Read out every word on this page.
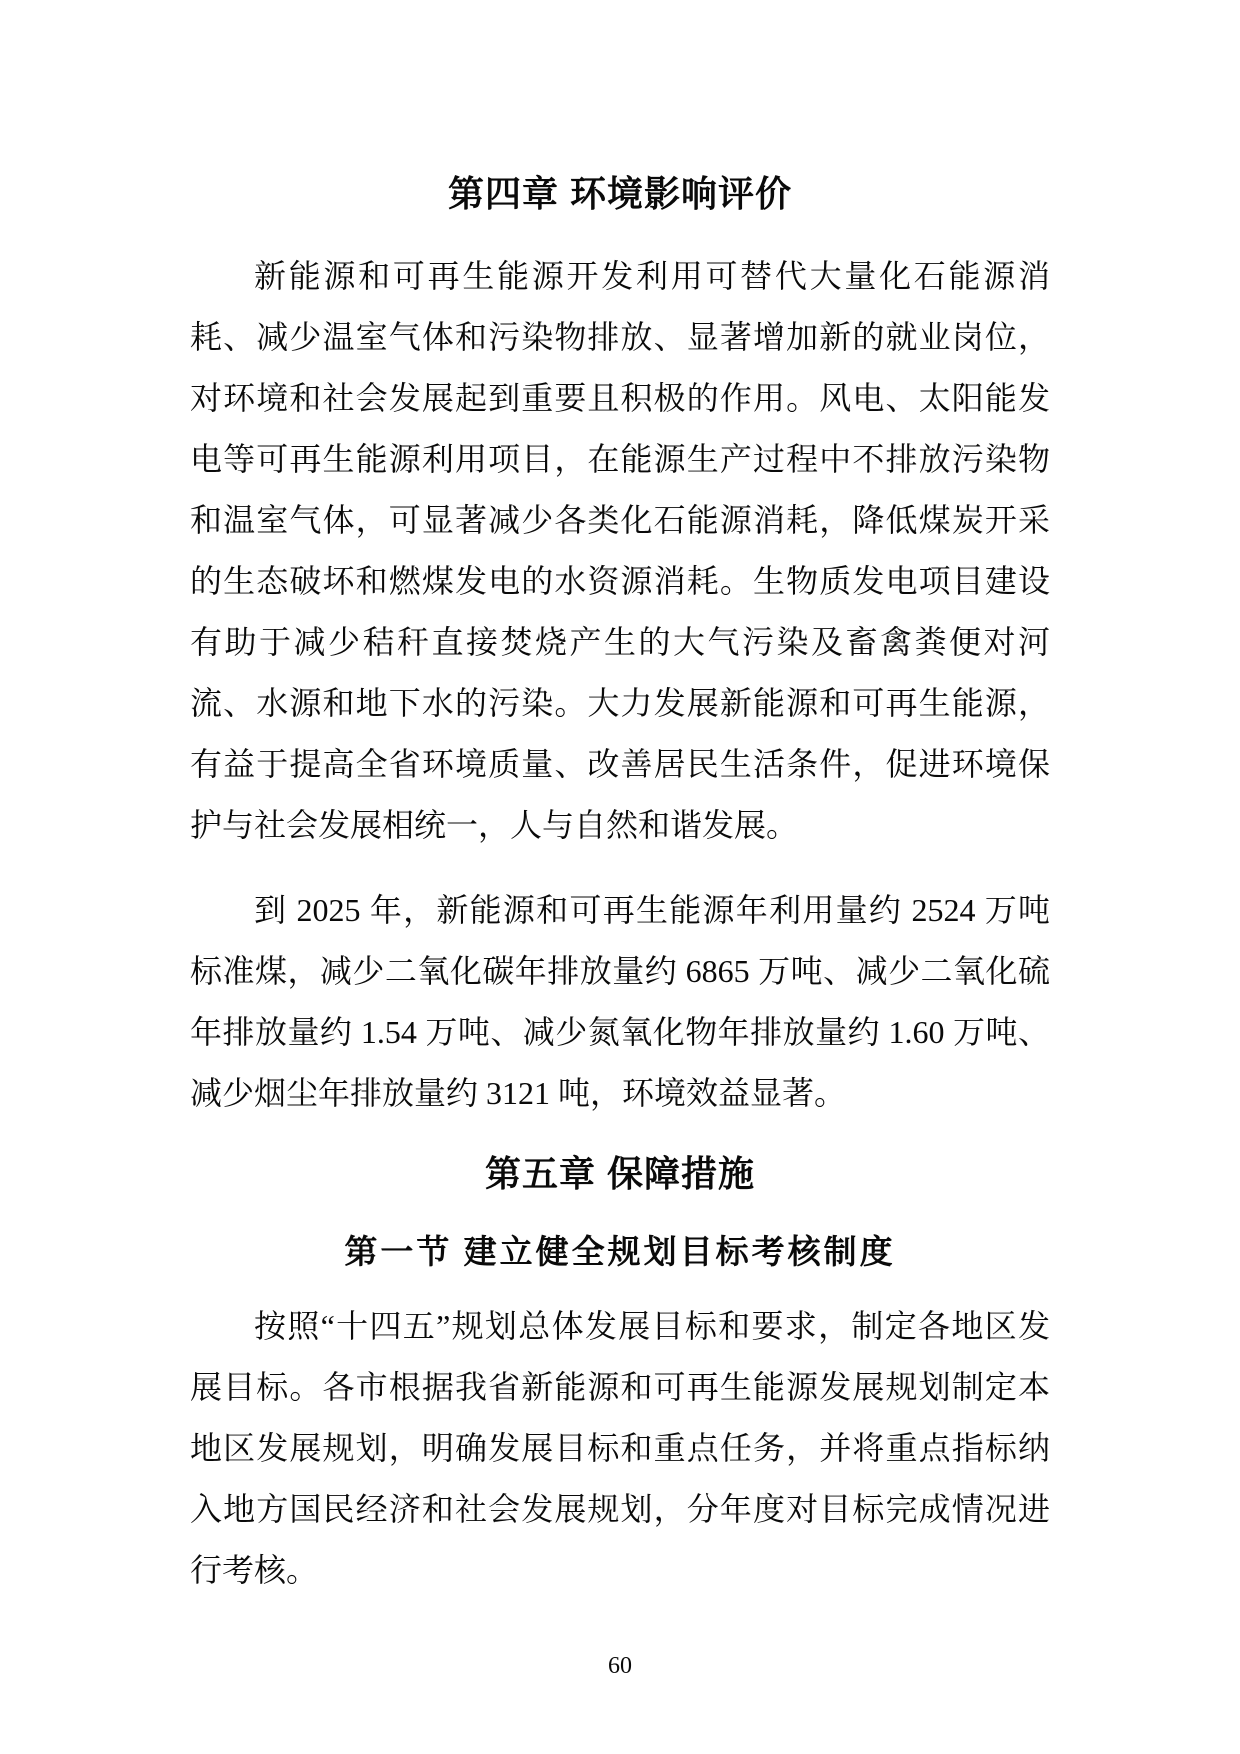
第四章 环境影响评价
新能源和可再生能源开发利用可替代大量化石能源消
耗、减少温室气体和污染物排放、显著增加新的就业岗位，
对环境和社会发展起到重要且积极的作用。风电、太阳能发
电等可再生能源利用项目，在能源生产过程中不排放污染物
和温室气体，可显著减少各类化石能源消耗，降低煤炭开采
的生态破坏和燃煤发电的水资源消耗。生物质发电项目建设
有助于减少秸秆直接焚烧产生的大气污染及畜禽粪便对河
流、水源和地下水的污染。大力发展新能源和可再生能源，
有益于提高全省环境质量、改善居民生活条件，促进环境保
护与社会发展相统一，人与自然和谐发展。
到 2025 年，新能源和可再生能源年利用量约 2524 万吨
标准煤，减少二氧化碳年排放量约 6865 万吨、减少二氧化硫
年排放量约 1.54 万吨、减少氮氧化物年排放量约 1.60 万吨、
减少烟尘年排放量约 3121 吨，环境效益显著。
第五章 保障措施
第一节 建立健全规划目标考核制度
按照“十四五”规划总体发展目标和要求，制定各地区发
展目标。各市根据我省新能源和可再生能源发展规划制定本
地区发展规划，明确发展目标和重点任务，并将重点指标纳
入地方国民经济和社会发展规划，分年度对目标完成情况进
行考核。
60
